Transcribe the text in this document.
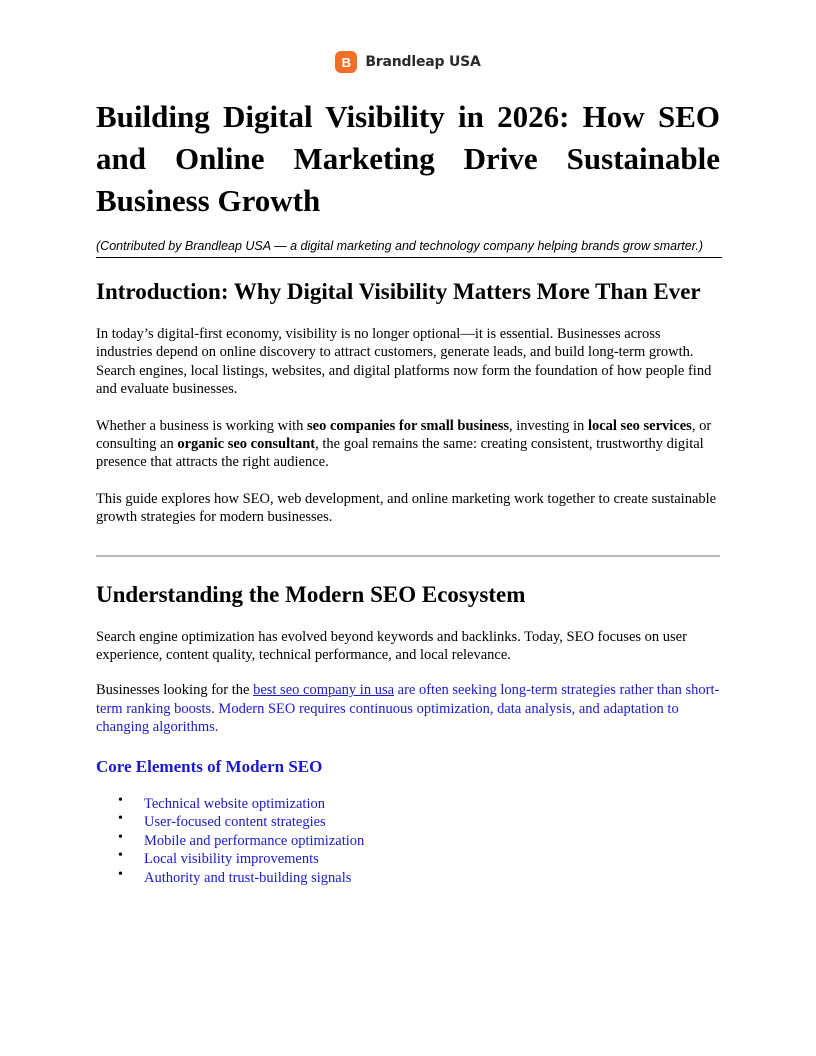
B	Brandleap USA
Building Digital Visibility in 2026: How SEO and Online Marketing Drive Sustainable Business Growth

(Contributed by Brandleap USA — a digital marketing and technology company helping brands grow smarter.)

Introduction: Why Digital Visibility Matters More Than Ever

In today’s digital-first economy, visibility is no longer optional—it is essential. Businesses across industries depend on online discovery to attract customers, generate leads, and build long-term growth. Search engines, local listings, websites, and digital platforms now form the foundation of how people find and evaluate businesses.

Whether a business is working with seo companies for small business, investing in local seo services, or consulting an organic seo consultant, the goal remains the same: creating consistent, trustworthy digital presence that attracts the right audience.

This guide explores how SEO, web development, and online marketing work together to create sustainable growth strategies for modern businesses.

Understanding the Modern SEO Ecosystem

Search engine optimization has evolved beyond keywords and backlinks. Today, SEO focuses on user experience, content quality, technical performance, and local relevance.

Businesses looking for the best seo company in usa are often seeking long-term strategies rather than short-term ranking boosts. Modern SEO requires continuous optimization, data analysis, and adaptation to changing algorithms.

Core Elements of Modern SEO
• Technical website optimization
• User-focused content strategies
• Mobile and performance optimization
• Local visibility improvements
• Authority and trust-building signals
